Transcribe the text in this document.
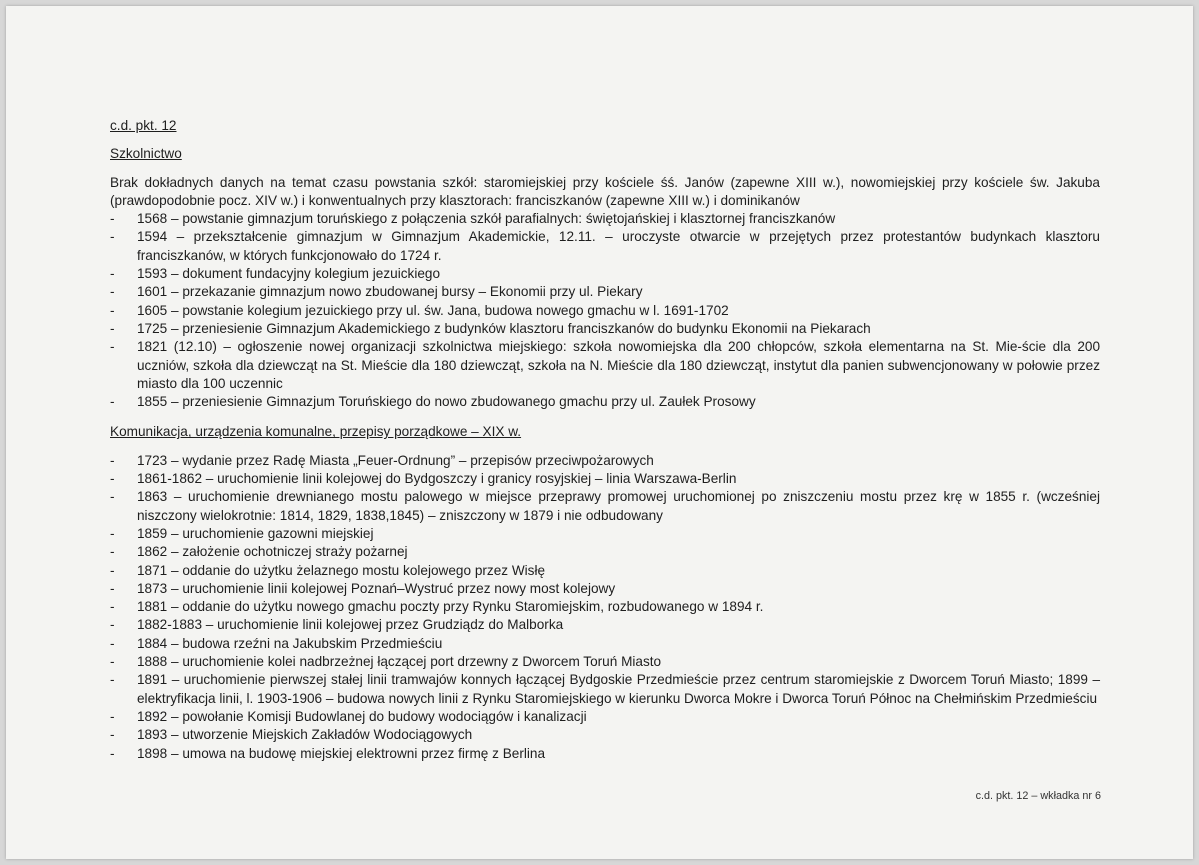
c.d. pkt. 12

Szkolnictwo

Brak dokładnych danych na temat czasu powstania szkół: staromiejskiej przy kościele śś. Janów (zapewne XIII w.), nowomiejskiej przy kościele św. Jakuba (prawdopodobnie pocz. XIV w.) i konwentualnych przy klasztorach: franciszkanów (zapewne XIII w.) i dominikanów

- 1568 – powstanie gimnazjum toruńskiego z połączenia szkół parafialnych: świętojańskiej i klasztornej franciszkanów
- 1594 – przekształcenie gimnazjum w Gimnazjum Akademickie, 12.11. – uroczyste otwarcie w przejętych przez protestantów budynkach klasztoru franciszkanów, w których funkcjonowało do 1724 r.
- 1593 – dokument fundacyjny kolegium jezuickiego
- 1601 – przekazanie gimnazjum nowo zbudowanej bursy – Ekonomii przy ul. Piekary
- 1605 – powstanie kolegium jezuickiego przy ul. św. Jana, budowa nowego gmachu w l. 1691-1702
- 1725 – przeniesienie Gimnazjum Akademickiego z budynków klasztoru franciszkanów do budynku Ekonomii na Piekarach
- 1821 (12.10) – ogłoszenie nowej organizacji szkolnictwa miejskiego: szkoła nowomiejska dla 200 chłopców, szkoła elementarna na St. Mie-ście dla 200 uczniów, szkoła dla dziewcząt na St. Mieście dla 180 dziewcząt, szkoła na N. Mieście dla 180 dziewcząt, instytut dla panien subwencjonowany w połowie przez miasto dla 100 uczennic
- 1855 – przeniesienie Gimnazjum Toruńskiego do nowo zbudowanego gmachu przy ul. Zaułek Prosowy

Komunikacja, urządzenia komunalne, przepisy porządkowe – XIX w.

- 1723 – wydanie przez Radę Miasta „Feuer-Ordnung” – przepisów przeciwpożarowych
- 1861-1862 – uruchomienie linii kolejowej do Bydgoszczy i granicy rosyjskiej – linia Warszawa-Berlin
- 1863 – uruchomienie drewnianego mostu palowego w miejsce przeprawy promowej uruchomionej po zniszczeniu mostu przez krę w 1855 r. (wcześniej niszczony wielokrotnie: 1814, 1829, 1838,1845) – zniszczony w 1879 i nie odbudowany
- 1859 – uruchomienie gazowni miejskiej
- 1862 – założenie ochotniczej straży pożarnej
- 1871 – oddanie do użytku żelaznego mostu kolejowego przez Wisłę
- 1873 – uruchomienie linii kolejowej Poznań–Wystruć przez nowy most kolejowy
- 1881 – oddanie do użytku nowego gmachu poczty przy Rynku Staromiejskim, rozbudowanego w 1894 r.
- 1882-1883 – uruchomienie linii kolejowej przez Grudziądz do Malborka
- 1884 – budowa rzeźni na Jakubskim Przedmieściu
- 1888 – uruchomienie kolei nadbrzeżnej łączącej port drzewny z Dworcem Toruń Miasto
- 1891 – uruchomienie pierwszej stałej linii tramwajów konnych łączącej Bydgoskie Przedmieście przez centrum staromiejskie z Dworcem Toruń Miasto; 1899 – elektryfikacja linii, l. 1903-1906 – budowa nowych linii z Rynku Staromiejskiego w kierunku Dworca Mokre i Dworca Toruń Północ na Chełmińskim Przedmieściu
- 1892 – powołanie Komisji Budowlanej do budowy wodociągów i kanalizacji
- 1893 – utworzenie Miejskich Zakładów Wodociągowych
- 1898 – umowa na budowę miejskiej elektrowni przez firmę z Berlina
c.d. pkt. 12 – wkładka nr 6
